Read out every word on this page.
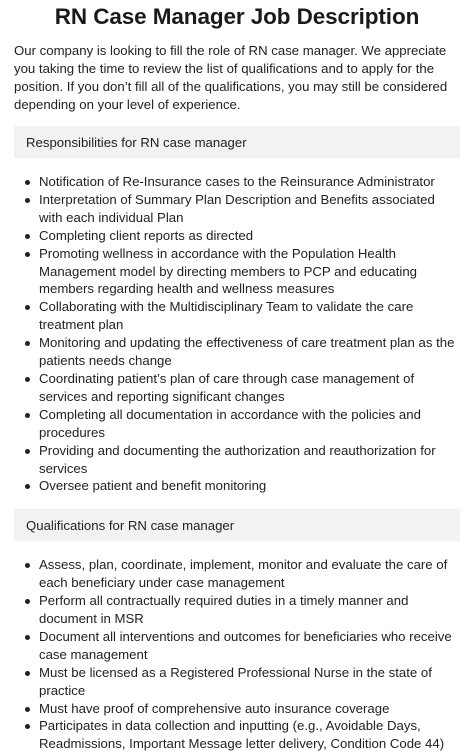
RN Case Manager Job Description

Our company is looking to fill the role of RN case manager. We appreciate you taking the time to review the list of qualifications and to apply for the position. If you don’t fill all of the qualifications, you may still be considered depending on your level of experience.

Responsibilities for RN case manager
Notification of Re-Insurance cases to the Reinsurance Administrator
Interpretation of Summary Plan Description and Benefits associated with each individual Plan
Completing client reports as directed
Promoting wellness in accordance with the Population Health Management model by directing members to PCP and educating members regarding health and wellness measures
Collaborating with the Multidisciplinary Team to validate the care treatment plan
Monitoring and updating the effectiveness of care treatment plan as the patients needs change
Coordinating patient’s plan of care through case management of services and reporting significant changes
Completing all documentation in accordance with the policies and procedures
Providing and documenting the authorization and reauthorization for services
Oversee patient and benefit monitoring
Qualifications for RN case manager
Assess, plan, coordinate, implement, monitor and evaluate the care of each beneficiary under case management
Perform all contractually required duties in a timely manner and document in MSR
Document all interventions and outcomes for beneficiaries who receive case management
Must be licensed as a Registered Professional Nurse in the state of practice
Must have proof of comprehensive auto insurance coverage
Participates in data collection and inputting (e.g., Avoidable Days, Readmissions, Important Message letter delivery, Condition Code 44)
